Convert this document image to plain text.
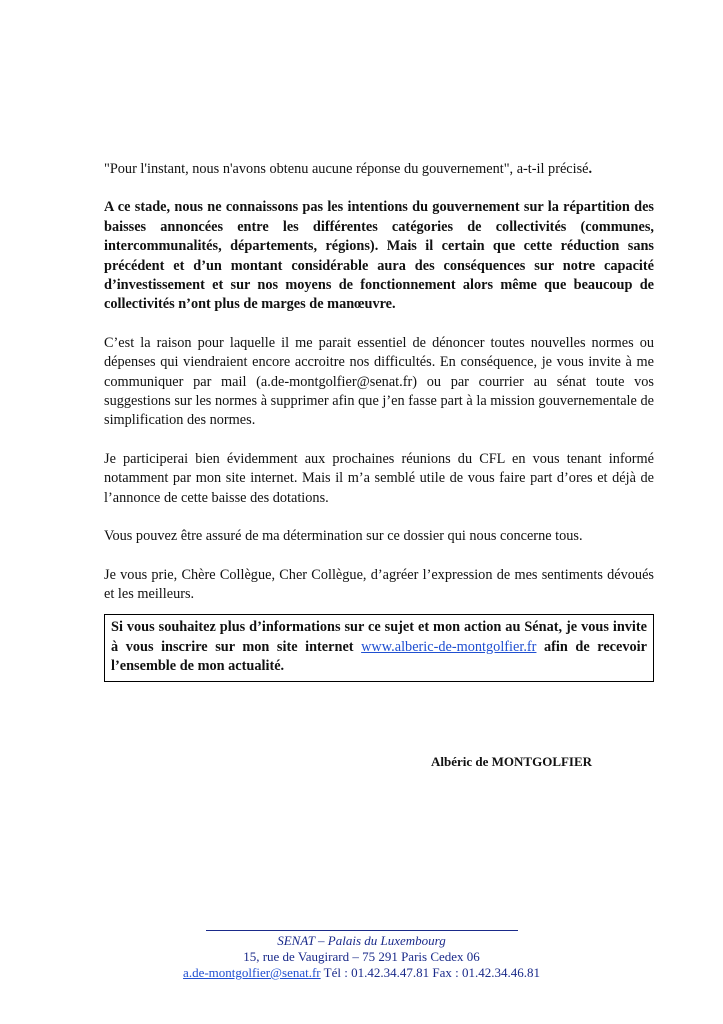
"Pour l'instant, nous n'avons obtenu aucune réponse du gouvernement", a-t-il précisé.

A ce stade, nous ne connaissons pas les intentions du gouvernement sur la répartition des baisses annoncées entre les différentes catégories de collectivités (communes, intercommunalités, départements, régions). Mais il certain que cette réduction sans précédent et d’un montant considérable aura des conséquences sur notre capacité d’investissement et sur nos moyens de fonctionnement alors même que beaucoup de collectivités n’ont plus de marges de manœuvre.

C’est la raison pour laquelle il me parait essentiel de dénoncer toutes nouvelles normes ou dépenses qui viendraient encore accroitre nos difficultés. En conséquence, je vous invite à me communiquer par mail (a.de-montgolfier@senat.fr) ou par courrier au sénat toute vos suggestions sur les normes à supprimer afin que j’en fasse part à la mission gouvernementale de simplification des normes.

Je participerai bien évidemment aux prochaines réunions du CFL en vous tenant informé notamment par mon site internet. Mais il m’a semblé utile de vous faire part d’ores et déjà de l’annonce de cette baisse des dotations.

Vous pouvez être assuré de ma détermination sur ce dossier qui nous concerne tous.

Je vous prie, Chère Collègue, Cher Collègue, d’agréer l’expression de mes sentiments dévoués et les meilleurs.

Si vous souhaitez plus d’informations sur ce sujet et mon action au Sénat, je vous invite à vous inscrire sur mon site internet www.alberic-de-montgolfier.fr afin de recevoir l’ensemble de mon actualité.
Albéric de MONTGOLFIER
SENAT – Palais du Luxembourg
15, rue de Vaugirard – 75 291 Paris Cedex 06
a.de-montgolfier@senat.fr Tél : 01.42.34.47.81 Fax : 01.42.34.46.81
